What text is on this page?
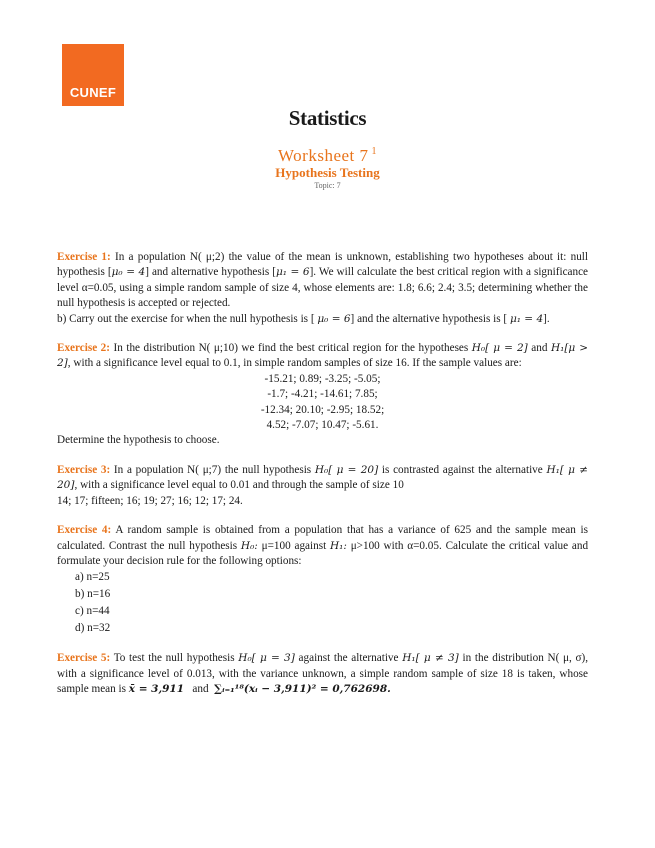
CUNEF
Statistics
Worksheet 7 $^1$
Hypothesis Testing
Topic: 7
Exercise 1: In a population N( μ;2) the value of the mean is unknown, establishing two hypotheses about it: null hypothesis [μ₀ = 4] and alternative hypothesis [μ₁ = 6]. We will calculate the best critical region with a significance level α=0.05, using a simple random sample of size 4, whose elements are: 1.8; 6.6; 2.4; 3.5; determining whether the null hypothesis is accepted or rejected.
b) Carry out the exercise for when the null hypothesis is [ μ₀ = 6] and the alternative hypothesis is [ μ₁ = 4].
Exercise 2: In the distribution N( μ;10) we find the best critical region for the hypotheses H₀[ μ = 2] and H₁[μ > 2], with a significance level equal to 0.1, in simple random samples of size 16. If the sample values are:
-15.21; 0.89; -3.25; -5.05;
-1.7; -4.21; -14.61; 7.85;
-12.34; 20.10; -2.95; 18.52;
4.52; -7.07; 10.47; -5.61.
Determine the hypothesis to choose.
Exercise 3: In a population N( μ;7) the null hypothesis H₀[ μ = 20] is contrasted against the alternative H₁[ μ ≠ 20], with a significance level equal to 0.01 and through the sample of size 10
14; 17; fifteen; 16; 19; 27; 16; 12; 17; 24.
Exercise 4: A random sample is obtained from a population that has a variance of 625 and the sample mean is calculated. Contrast the null hypothesis H₀: μ=100 against H₁: μ>100 with α=0.05. Calculate the critical value and formulate your decision rule for the following options:
a) n=25
b) n=16
c) n=44
d) n=32
Exercise 5: To test the null hypothesis H₀[ μ = 3] against the alternative H₁[ μ ≠ 3] in the distribution N( μ, σ), with a significance level of 0.013, with the variance unknown, a simple random sample of size 18 is taken, whose sample mean is x̄ = 3,911 and ∑ᵢ₌₁¹⁸(xᵢ − 3,911)² = 0,762698.
